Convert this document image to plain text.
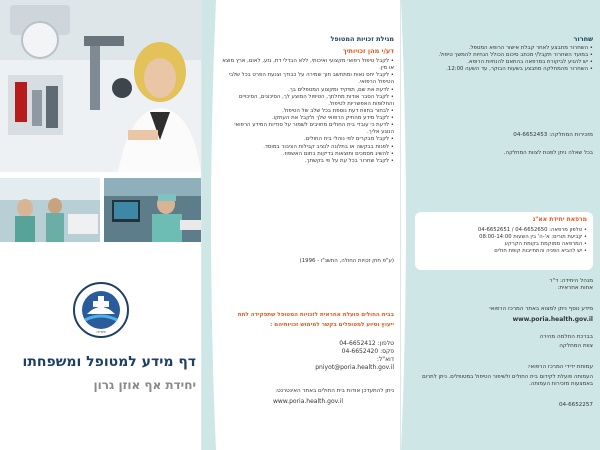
פוריה
דף מידע למטופל ומשפחתו
יחידת אף אוזן גרון
מגילת זכויות המטופל
דע/י מהן זכויותיך
• לקבל טיפול רפואי מקצועי ואיכותי, ללא הבדלי דת, גזע, לאום, ארץ מוצא או מין.
• לקבל יחס נאות ומתחשב תוך שמירה על כבודך וצנעת הפרט בכל שלבי הטיפול הרפואי.
• לדעת את שם, תפקיד ומקצוע המטפלים בך.
• לקבל הסבר אודות מחלתך, הטיפול המוצע לך, הסיכונים, הסיכויים והחלופות האפשריות לטיפול.
• לבחור בחוות דעת נוספת בכל שלב של הטיפול.
• לקבל מידע מהתיק הרפואי שלך ולקבל את העתקו.
• לדעת כי עובדי בית החולים מחויבים לשמור על סודיות המידע הרפואי הנוגע אליך.
• לקבל מבקרים לפי נוהלי בית החולים.
• לפנות בבקשה או בתלונה לנציב קבילות הציבור במוסד.
• להשיג מסמכים ותוצאות בדיקות בתום האשפוז.
• לקבל שחרור בכל עת על פי בקשתך.
(ע"פ חוק זכויות החולה, התשנ"ו - 1996)
בבית החולים פועלת אחראית לזכויות המטופל שתפקידה לתת
ייעוץ וסיוע למטופלים בקשר למימוש זכויותיהם :
טלפון: 04-6652412
פקס: 04-6652420
דוא"ל:
pniyot@poria.health.gov.il
ניתן להתעדכן אודות בית החולים באתר האינטרנט:
www.poria.health.gov.il
שחרור
• השחרור מתבצע לאחר קבלת אישור הרופא המטפל.
• במועד השחרור תקבל/י מכתב סיכום הכולל הנחיות להמשך טיפול.
• יש להגיע לביקורת במרפאה בהתאם להנחיות הרופא.
• השחרור מהמחלקה מתבצע בשעות הבוקר, עד השעה 12:00.
מזכירות המחלקה: 04-6652453
בכל שאלה ניתן לפנות לצוות המחלקה.
מרפאת יחידת אא"ג
• טלפון מרפאה: 04-6652650 / 04-6652651
• קביעת תורים: א'-ה' בין השעות 08:00-14:00
• המרפאה ממוקמת בקומת הקרקע
• יש להביא הפניה והתחייבות קופת חולים
מנהל היחידה: ד"ר
אחות אחראית:
מידע נוסף ניתן למצוא באתר המרכז הרפואי
www.poria.health.gov.il
בברכת החלמה מהירה
צוות המחלקה
עמותת ידידי המרכז הרפואי:
העמותה פועלת לקידום בית החולים ולשיפור הטיפול במטופלים. ניתן לתרום באמצעות מזכירות העמותה.
04-6652257
